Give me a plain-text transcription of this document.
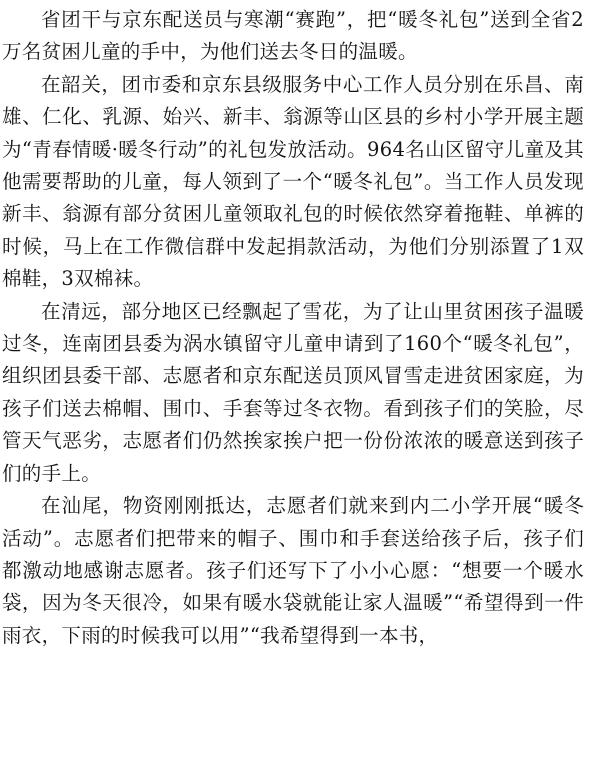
省团干与京东配送员与寒潮“赛跑”，把“暖冬礼包”送到全省2万名贫困儿童的手中，为他们送去冬日的温暖。

在韶关，团市委和京东县级服务中心工作人员分别在乐昌、南雄、仁化、乳源、始兴、新丰、翁源等山区县的乡村小学开展主题为“青春情暖·暖冬行动”的礼包发放活动。964名山区留守儿童及其他需要帮助的儿童，每人领到了一个“暖冬礼包”。当工作人员发现新丰、翁源有部分贫困儿童领取礼包的时候依然穿着拖鞋、单裤的时候，马上在工作微信群中发起捐款活动，为他们分别添置了1双棉鞋，3双棉袜。

在清远，部分地区已经飘起了雪花，为了让山里贫困孩子温暖过冬，连南团县委为涡水镇留守儿童申请到了160个“暖冬礼包”，组织团县委干部、志愿者和京东配送员顶风冒雪走进贫困家庭，为孩子们送去棉帽、围巾、手套等过冬衣物。看到孩子们的笑脸，尽管天气恶劣，志愿者们仍然挨家挨户把一份份浓浓的暖意送到孩子们的手上。

在汕尾，物资刚刚抵达，志愿者们就来到内二小学开展“暖冬活动”。志愿者们把带来的帽子、围巾和手套送给孩子后，孩子们都激动地感谢志愿者。孩子们还写下了小小心愿：“想要一个暖水袋，因为冬天很冷，如果有暖水袋就能让家人温暖”“希望得到一件雨衣，下雨的时候我可以用”“我希望得到一本书，
